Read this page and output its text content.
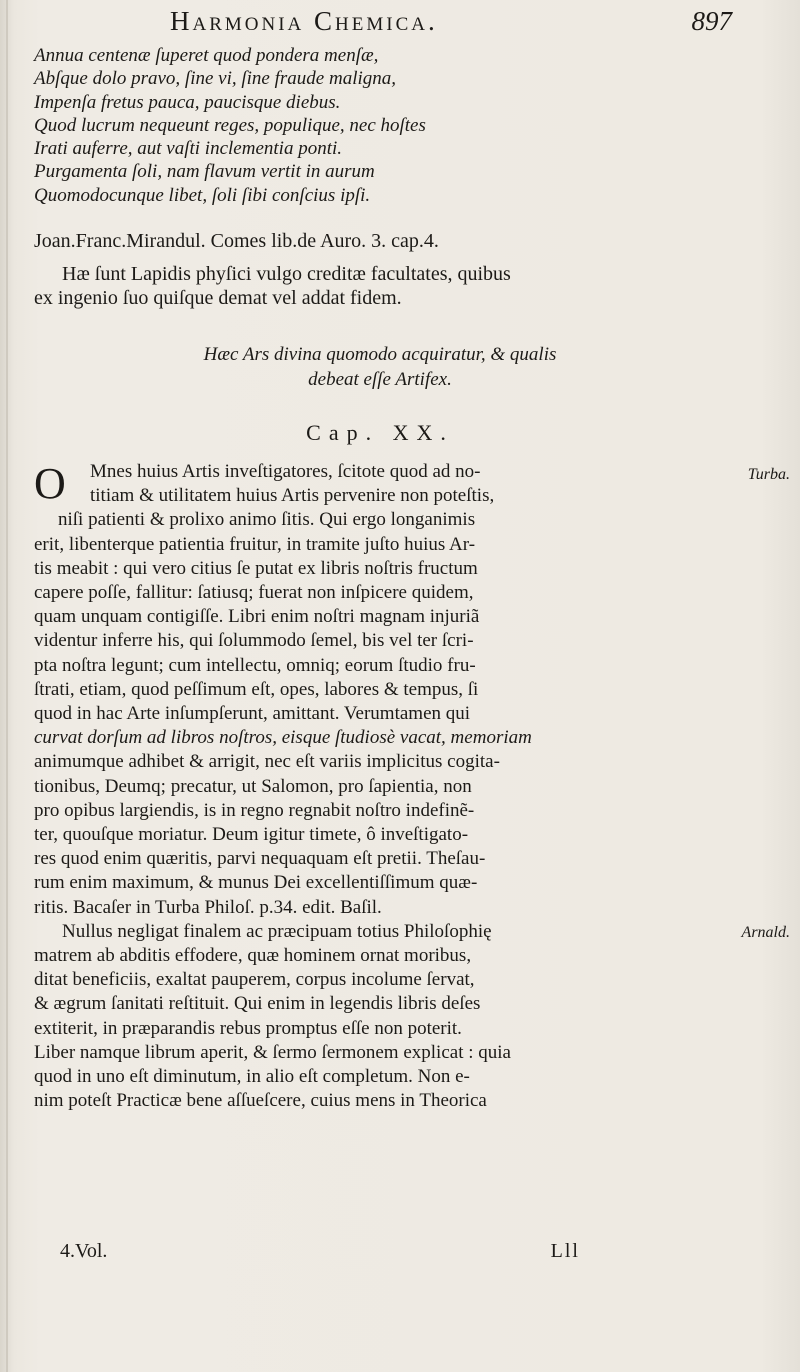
Harmonia Chemica.	897
Annua centenæ ſuperet quod pondera menſæ,
Abſque dolo pravo, ſine vi, ſine fraude maligna,
Impenſa fretus pauca, paucisque diebus.
Quod lucrum nequeunt reges, populique, nec hoſtes
Irati auferre, aut vaſti inclementia ponti.
Purgamenta ſoli, nam flavum vertit in aurum
Quomodocunque libet, ſoli ſibi conſcius ipſi.
Joan.Franc.Mirandul. Comes lib.de Auro. 3. cap.4.
Hæ ſunt Lapidis phyſici vulgo creditæ facultates, quibus
ex ingenio ſuo quiſque demat vel addat fidem.
Hæc Ars divina quomodo acquiratur, & qualis
debeat eſſe Artifex.
Cap. XX.
O	Mnes huius Artis inveſtigatores, ſcitote quod ad no-
titiam & utilitatem huius Artis pervenire non poteſtis,
niſi patienti & prolixo animo ſitis. Qui ergo longanimis
erit, libenterque patientia fruitur, in tramite juſto huius Ar-
tis meabit : qui vero citius ſe putat ex libris noſtris fructum
capere poſſe, fallitur: ſatiusq; fuerat non inſpicere quidem,
quam unquam contigiſſe. Libri enim noſtri magnam injuriã
videntur inferre his, qui ſolummodo ſemel, bis vel ter ſcri-
pta noſtra legunt; cum intellectu, omniq; eorum ſtudio fru-
ſtrati, etiam, quod peſſimum eſt, opes, labores & tempus, ſi
quod in hac Arte inſumpſerunt, amittant. Verumtamen qui
curvat dorſum ad libros noſtros, eisque ſtudiosè vacat, memoriam
animumque adhibet & arrigit, nec eſt variis implicitus cogita-
tionibus, Deumq; precatur, ut Salomon, pro ſapientia, non
pro opibus largiendis, is in regno regnabit noſtro indefinẽ-
ter, quouſque moriatur. Deum igitur timete, ô inveſtigato-
res quod enim quæritis, parvi nequaquam eſt pretii. Theſau-
rum enim maximum, & munus Dei excellentiſſimum quæ-
ritis. Bacaſer in Turba Philoſ. p.34. edit. Baſil.
Nullus negligat finalem ac præcipuam totius Philoſophię
matrem ab abditis effodere, quæ hominem ornat moribus,
ditat beneficiis, exaltat pauperem, corpus incolume ſervat,
& ægrum ſanitati reſtituit. Qui enim in legendis libris deſes
extiterit, in præparandis rebus promptus eſſe non poterit.
Liber namque librum aperit, & ſermo ſermonem explicat : quia
quod in uno eſt diminutum, in alio eſt completum. Non e-
nim poteſt Practicæ bene aſſueſcere, cuius mens in Theorica
Turba.
Arnald.
4.Vol.	Lll
